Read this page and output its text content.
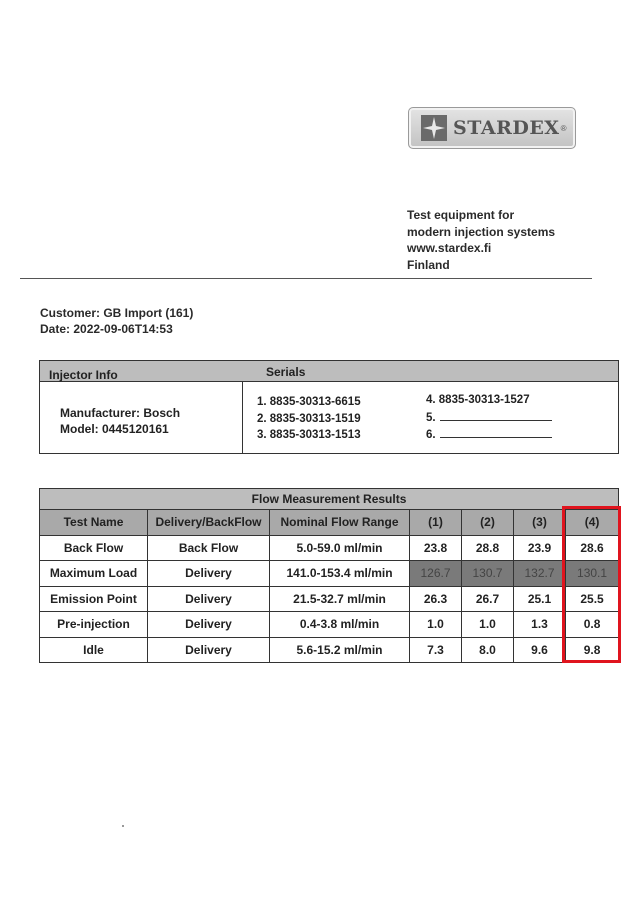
STARDEX ®
Test equipment for
modern injection systems
www.stardex.fi
Finland
Customer: GB Import (161)
Date: 2022-09-06T14:53
Injector Info	Serials
Manufacturer: Bosch
Model: 0445120161
1. 8835-30313-6615
2. 8835-30313-1519
3. 8835-30313-1513
4. 8835-30313-1527
5.
6.
Flow Measurement Results						
Test Name	Delivery/BackFlow	Nominal Flow Range	(1)	(2)	(3)	(4)
Back Flow	Back Flow	5.0-59.0 ml/min	23.8	28.8	23.9	28.6
Maximum Load	Delivery	141.0-153.4 ml/min	126.7	130.7	132.7	130.1
Emission Point	Delivery	21.5-32.7 ml/min	26.3	26.7	25.1	25.5
Pre-injection	Delivery	0.4-3.8 ml/min	1.0	1.0	1.3	0.8
Idle	Delivery	5.6-15.2 ml/min	7.3	8.0	9.6	9.8
